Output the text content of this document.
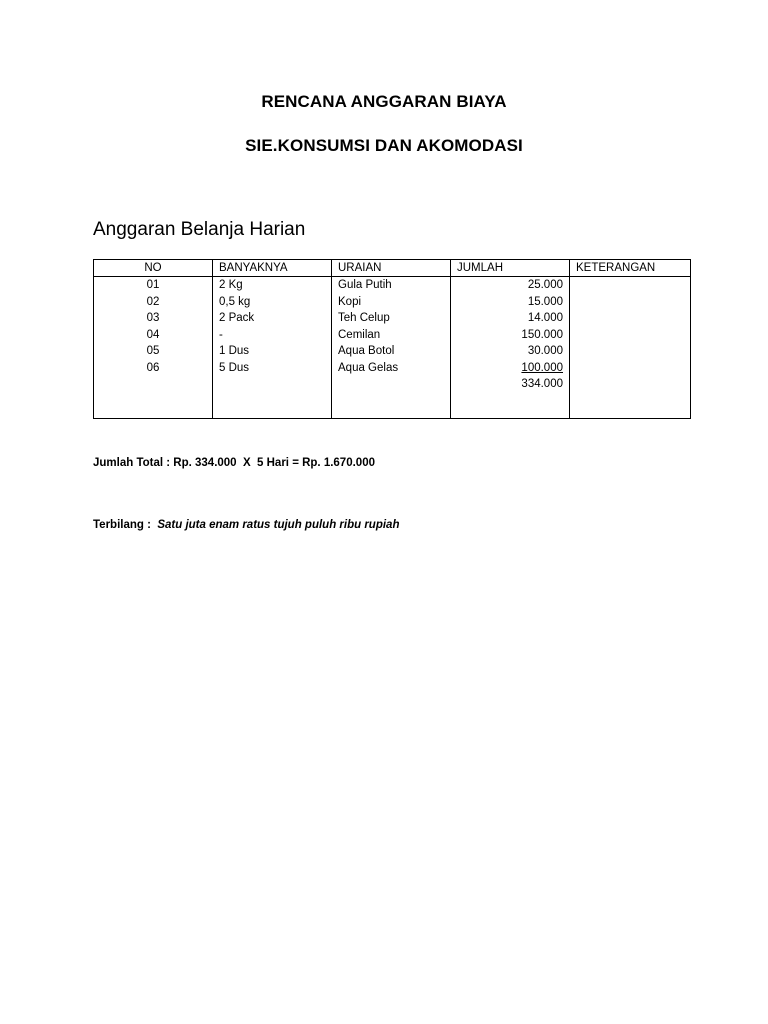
RENCANA ANGGARAN BIAYA
SIE.KONSUMSI DAN AKOMODASI
Anggaran Belanja Harian
NO	BANYAKNYA	URAIAN	JUMLAH	KETERANGAN
01	2 Kg	Gula Putih	25.000	
02	0,5 kg	Kopi	15.000	
03	2 Pack	Teh Celup	14.000	
04	-	Cemilan	150.000	
05	1 Dus	Aqua Botol	30.000	
06	5 Dus	Aqua Gelas	100.000	
			334.000	

Jumlah Total : Rp. 334.000  X  5 Hari = Rp. 1.670.000
Terbilang : Satu juta enam ratus tujuh puluh ribu rupiah
